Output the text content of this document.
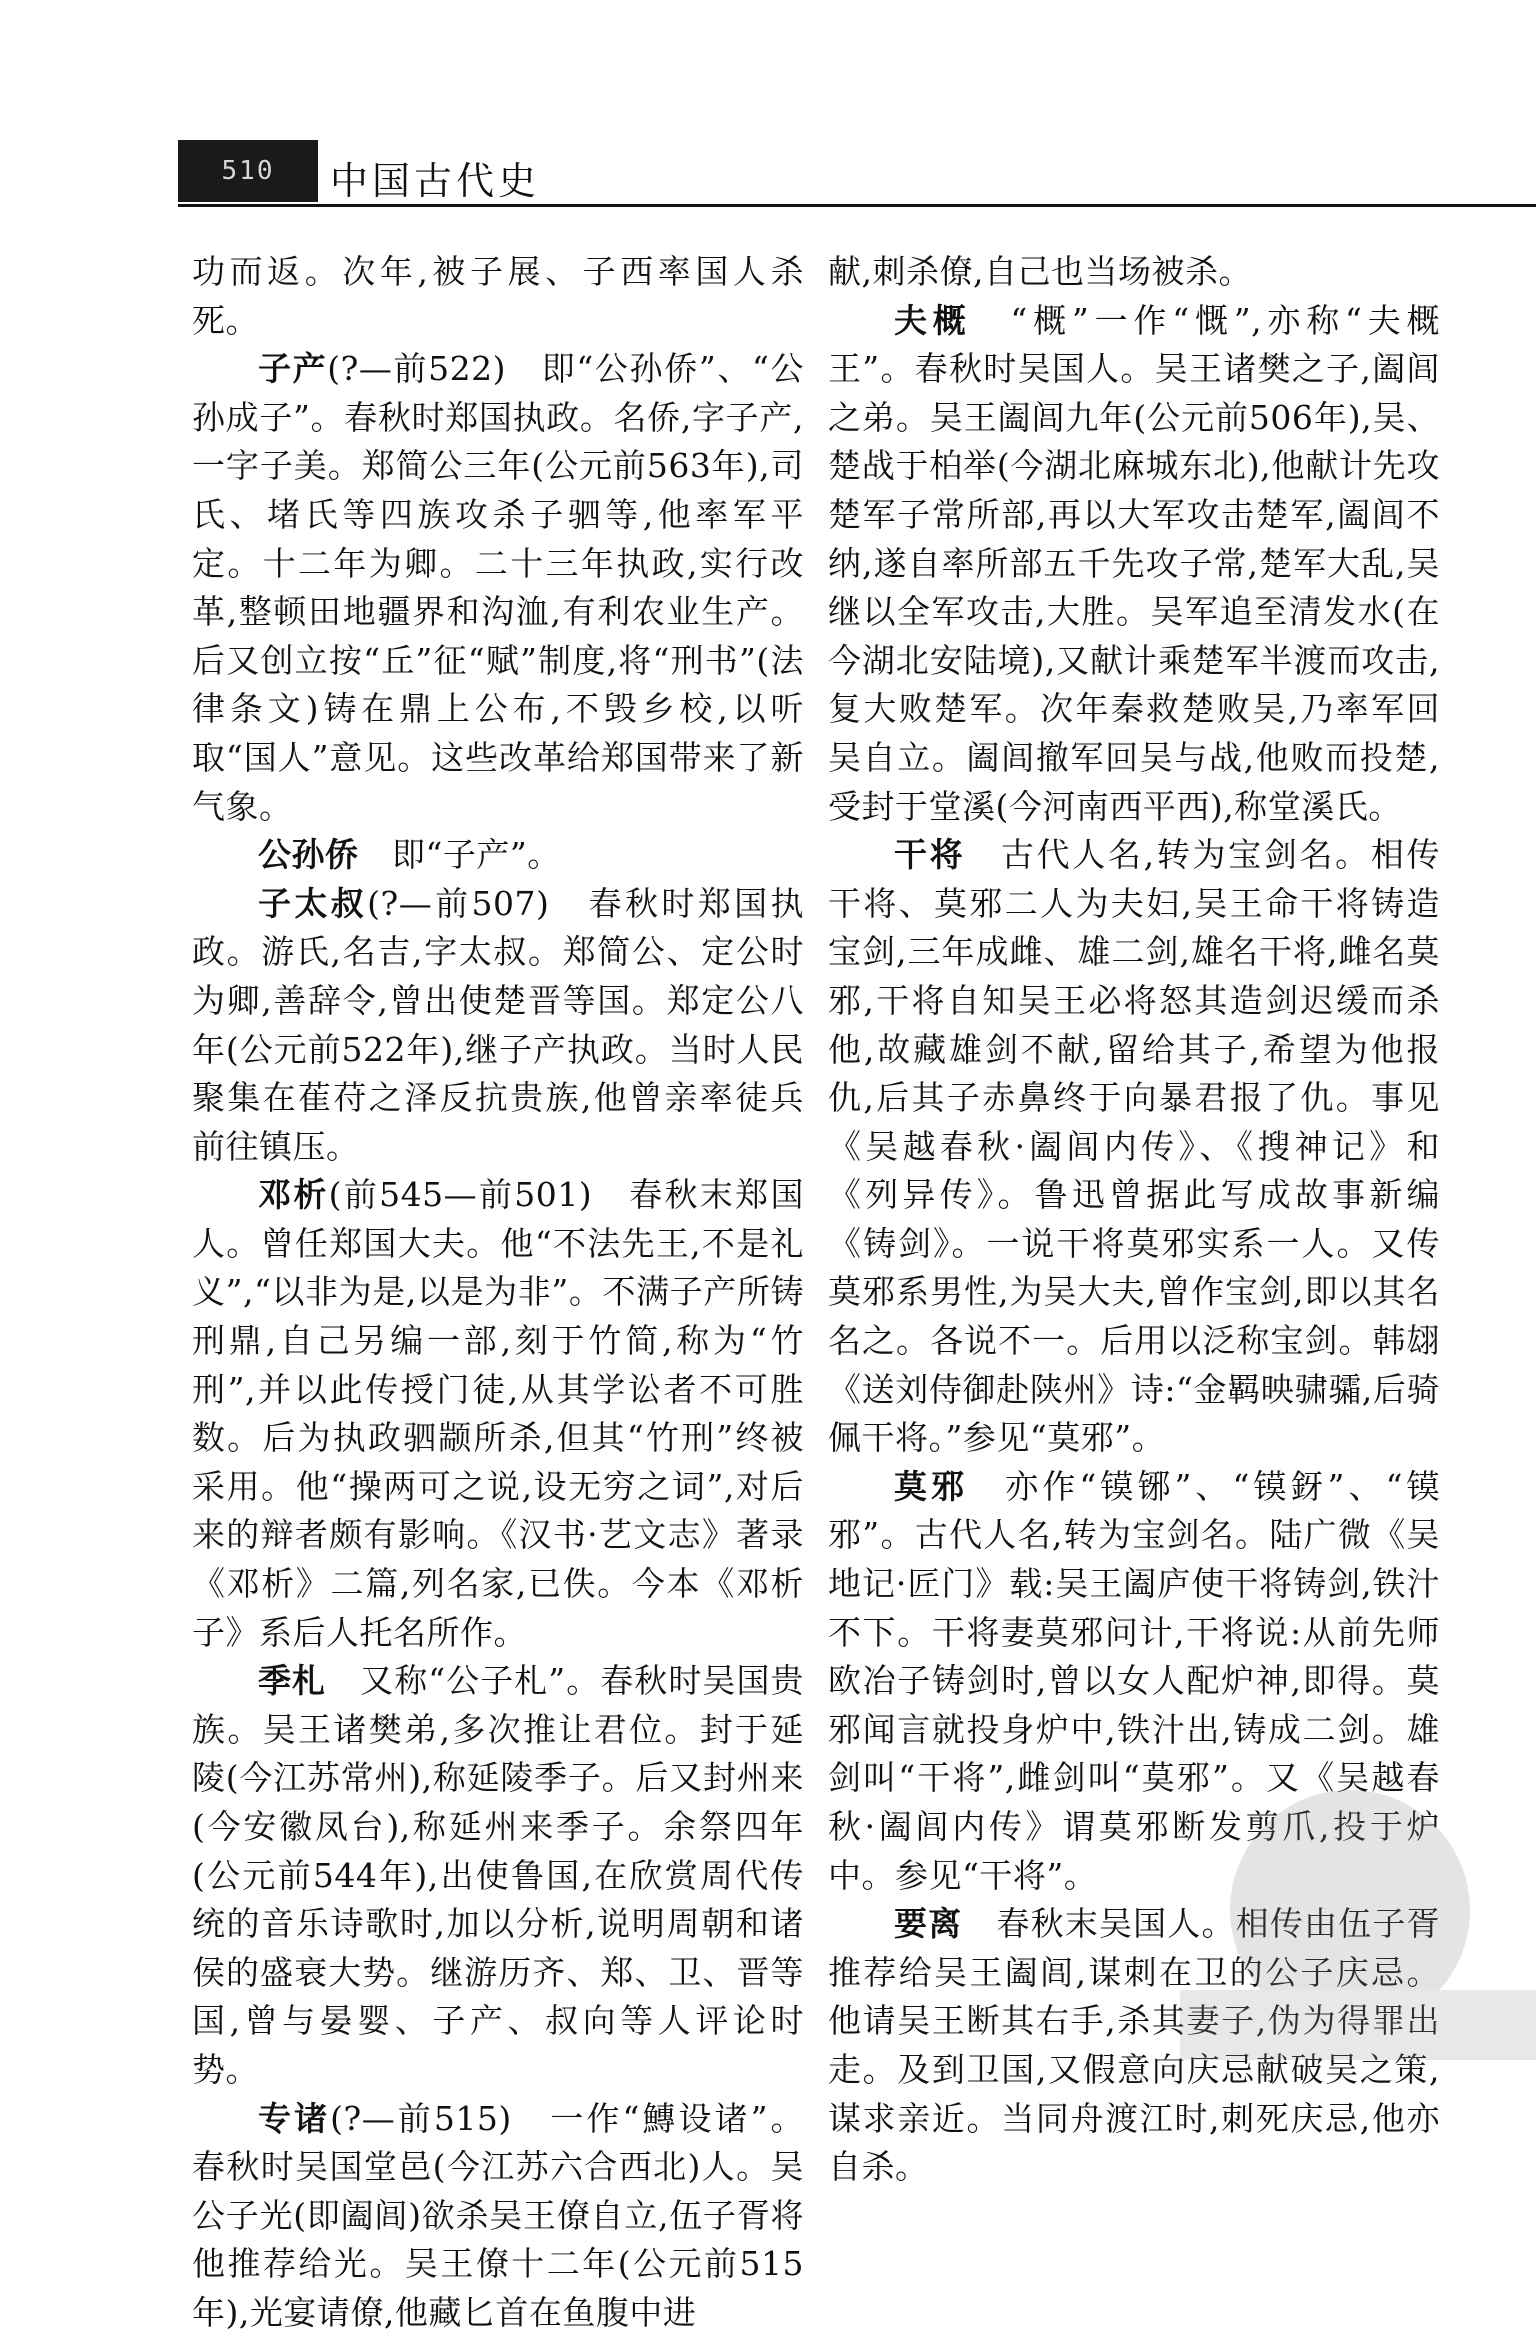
510	中国古代史

功而返。次年,被子展、子西率国人杀死。

子产(?—前522)　即“公孙侨”、“公孙成子”。春秋时郑国执政。名侨,字子产,一字子美。郑简公三年(公元前563年),司氏、堵氏等四族攻杀子驷等,他率军平定。十二年为卿。二十三年执政,实行改革,整顿田地疆界和沟洫,有利农业生产。后又创立按“丘”征“赋”制度,将“刑书”(法律条文)铸在鼎上公布,不毁乡校,以听取“国人”意见。这些改革给郑国带来了新气象。

公孙侨　即“子产”。

子太叔(?—前507)　春秋时郑国执政。游氏,名吉,字太叔。郑简公、定公时为卿,善辞令,曾出使楚晋等国。郑定公八年(公元前522年),继子产执政。当时人民聚集在萑苻之泽反抗贵族,他曾亲率徒兵前往镇压。

邓析(前545—前501)　春秋末郑国人。曾任郑国大夫。他“不法先王,不是礼义”,“以非为是,以是为非”。不满子产所铸刑鼎,自己另编一部,刻于竹简,称为“竹刑”,并以此传授门徒,从其学讼者不可胜数。后为执政驷颛所杀,但其“竹刑”终被采用。他“操两可之说,设无穷之词”,对后来的辩者颇有影响。《汉书·艺文志》著录《邓析》二篇,列名家,已佚。今本《邓析子》系后人托名所作。

季札　又称“公子札”。春秋时吴国贵族。吴王诸樊弟,多次推让君位。封于延陵(今江苏常州),称延陵季子。后又封州来(今安徽凤台),称延州来季子。余祭四年(公元前544年),出使鲁国,在欣赏周代传统的音乐诗歌时,加以分析,说明周朝和诸侯的盛衰大势。继游历齐、郑、卫、晋等国,曾与晏婴、子产、叔向等人评论时势。

专诸(?—前515)　一作“鱄设诸”。春秋时吴国堂邑(今江苏六合西北)人。吴公子光(即阖闾)欲杀吴王僚自立,伍子胥将他推荐给光。吴王僚十二年(公元前515年),光宴请僚,他藏匕首在鱼腹中进

献,刺杀僚,自己也当场被杀。

夫概　“概”一作“慨”,亦称“夫概王”。春秋时吴国人。吴王诸樊之子,阖闾之弟。吴王阖闾九年(公元前506年),吴、楚战于柏举(今湖北麻城东北),他献计先攻楚军子常所部,再以大军攻击楚军,阖闾不纳,遂自率所部五千先攻子常,楚军大乱,吴继以全军攻击,大胜。吴军追至清发水(在今湖北安陆境),又献计乘楚军半渡而攻击,复大败楚军。次年秦救楚败吴,乃率军回吴自立。阖闾撤军回吴与战,他败而投楚,受封于堂溪(今河南西平西),称堂溪氏。

干将　古代人名,转为宝剑名。相传干将、莫邪二人为夫妇,吴王命干将铸造宝剑,三年成雌、雄二剑,雄名干将,雌名莫邪,干将自知吴王必将怒其造剑迟缓而杀他,故藏雄剑不献,留给其子,希望为他报仇,后其子赤鼻终于向暴君报了仇。事见《吴越春秋·阖闾内传》、《搜神记》和《列异传》。鲁迅曾据此写成故事新编《铸剑》。一说干将莫邪实系一人。又传莫邪系男性,为吴大夫,曾作宝剑,即以其名名之。各说不一。后用以泛称宝剑。韩翃《送刘侍御赴陕州》诗:“金羁映骕骦,后骑佩干将。”参见“莫邪”。

莫邪　亦作“镆铘”、“镆釾”、“镆邪”。古代人名,转为宝剑名。陆广微《吴地记·匠门》载:吴王阖庐使干将铸剑,铁汁不下。干将妻莫邪问计,干将说:从前先师欧冶子铸剑时,曾以女人配炉神,即得。莫邪闻言就投身炉中,铁汁出,铸成二剑。雄剑叫“干将”,雌剑叫“莫邪”。又《吴越春秋·阖闾内传》谓莫邪断发剪爪,投于炉中。参见“干将”。

要离　春秋末吴国人。相传由伍子胥推荐给吴王阖闾,谋刺在卫的公子庆忌。他请吴王断其右手,杀其妻子,伪为得罪出走。及到卫国,又假意向庆忌献破吴之策,谋求亲近。当同舟渡江时,刺死庆忌,他亦自杀。
